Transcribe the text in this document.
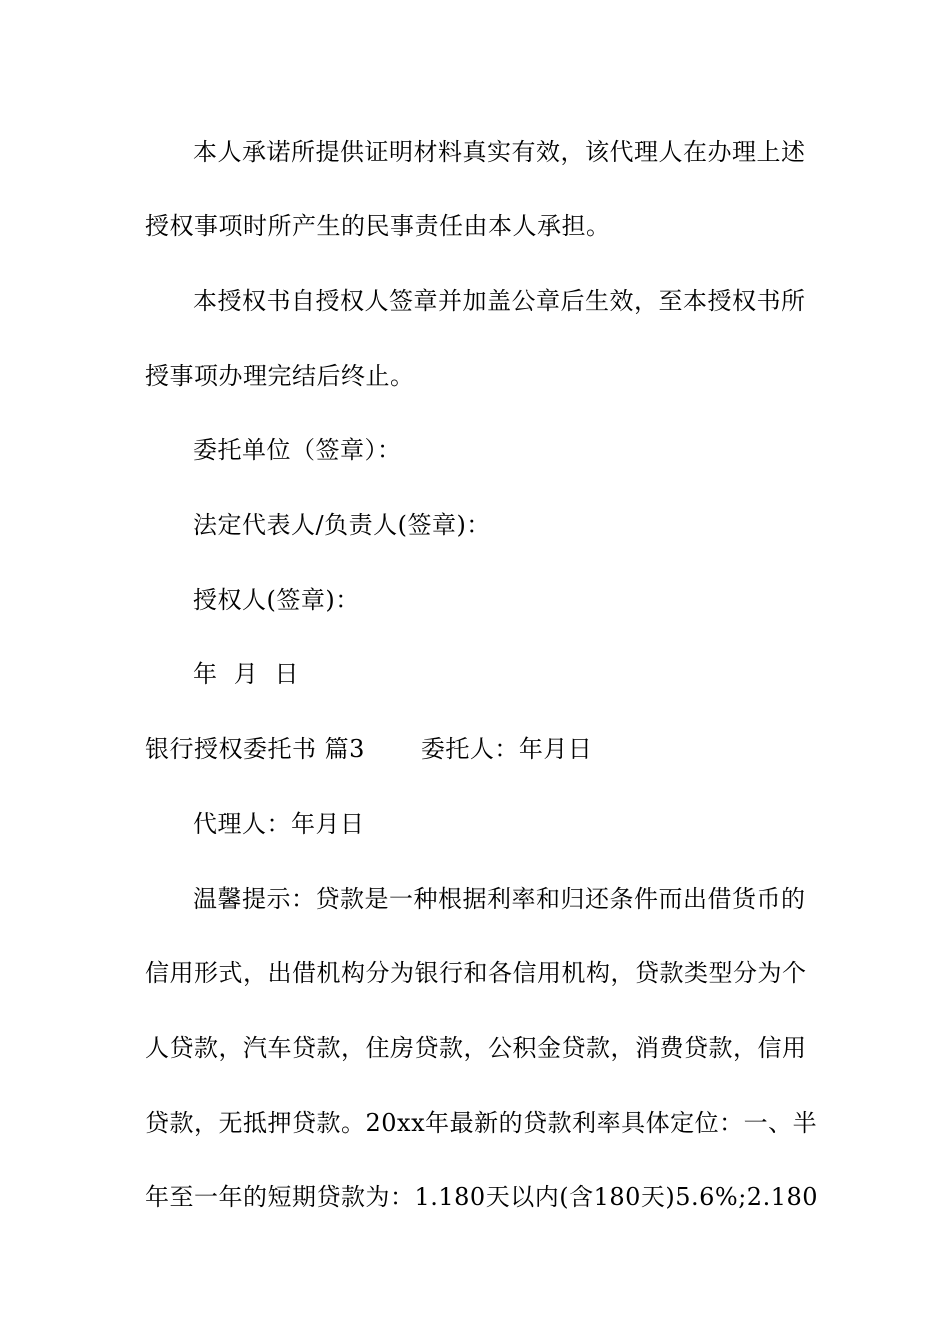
本人承诺所提供证明材料真实有效，该代理人在办理上述
授权事项时所产生的民事责任由本人承担。
本授权书自授权人签章并加盖公章后生效，至本授权书所
授事项办理完结后终止。
委托单位（签章）：
法定代表人/负责人(签章)：
授权人(签章)：
年  月  日
银行授权委托书 篇3 委托人：年月日
代理人：年月日
温馨提示：贷款是一种根据利率和归还条件而出借货币的
信用形式，出借机构分为银行和各信用机构，贷款类型分为个
人贷款，汽车贷款，住房贷款，公积金贷款，消费贷款，信用
贷款，无抵押贷款。20xx年最新的贷款利率具体定位：一、半
年至一年的短期贷款为：1.180天以内(含180天)5.6%;2.180
